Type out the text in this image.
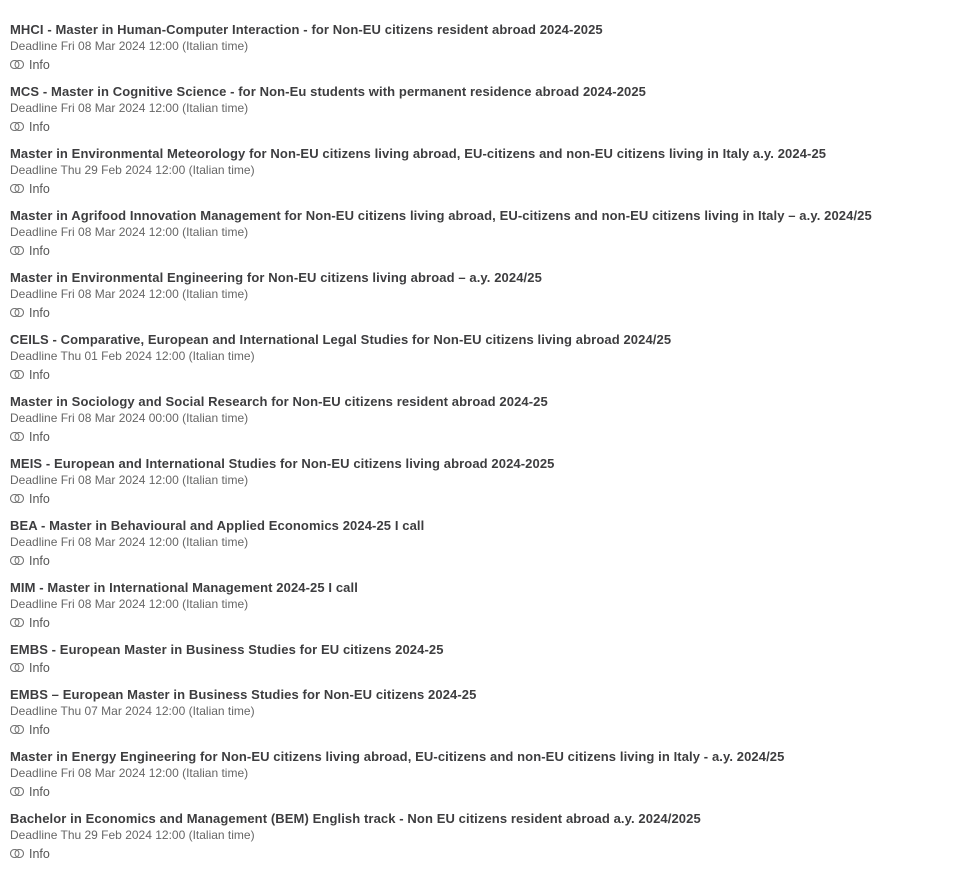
MHCI - Master in Human-Computer Interaction - for Non-EU citizens resident abroad 2024-2025
Deadline Fri 08 Mar 2024 12:00 (Italian time)
Info
MCS - Master in Cognitive Science - for Non-Eu students with permanent residence abroad 2024-2025
Deadline Fri 08 Mar 2024 12:00 (Italian time)
Info
Master in Environmental Meteorology for Non-EU citizens living abroad, EU-citizens and non-EU citizens living in Italy a.y. 2024-25
Deadline Thu 29 Feb 2024 12:00 (Italian time)
Info
Master in Agrifood Innovation Management for Non-EU citizens living abroad, EU-citizens and non-EU citizens living in Italy – a.y. 2024/25
Deadline Fri 08 Mar 2024 12:00 (Italian time)
Info
Master in Environmental Engineering for Non-EU citizens living abroad – a.y. 2024/25
Deadline Fri 08 Mar 2024 12:00 (Italian time)
Info
CEILS - Comparative, European and International Legal Studies for Non-EU citizens living abroad 2024/25
Deadline Thu 01 Feb 2024 12:00 (Italian time)
Info
Master in Sociology and Social Research for Non-EU citizens resident abroad 2024-25
Deadline Fri 08 Mar 2024 00:00 (Italian time)
Info
MEIS - European and International Studies for Non-EU citizens living abroad 2024-2025
Deadline Fri 08 Mar 2024 12:00 (Italian time)
Info
BEA - Master in Behavioural and Applied Economics 2024-25 I call
Deadline Fri 08 Mar 2024 12:00 (Italian time)
Info
MIM - Master in International Management 2024-25 I call
Deadline Fri 08 Mar 2024 12:00 (Italian time)
Info
EMBS - European Master in Business Studies for EU citizens 2024-25
Info
EMBS – European Master in Business Studies for Non-EU citizens 2024-25
Deadline Thu 07 Mar 2024 12:00 (Italian time)
Info
Master in Energy Engineering for Non-EU citizens living abroad, EU-citizens and non-EU citizens living in Italy - a.y. 2024/25
Deadline Fri 08 Mar 2024 12:00 (Italian time)
Info
Bachelor in Economics and Management (BEM) English track - Non EU citizens resident abroad a.y. 2024/2025
Deadline Thu 29 Feb 2024 12:00 (Italian time)
Info
